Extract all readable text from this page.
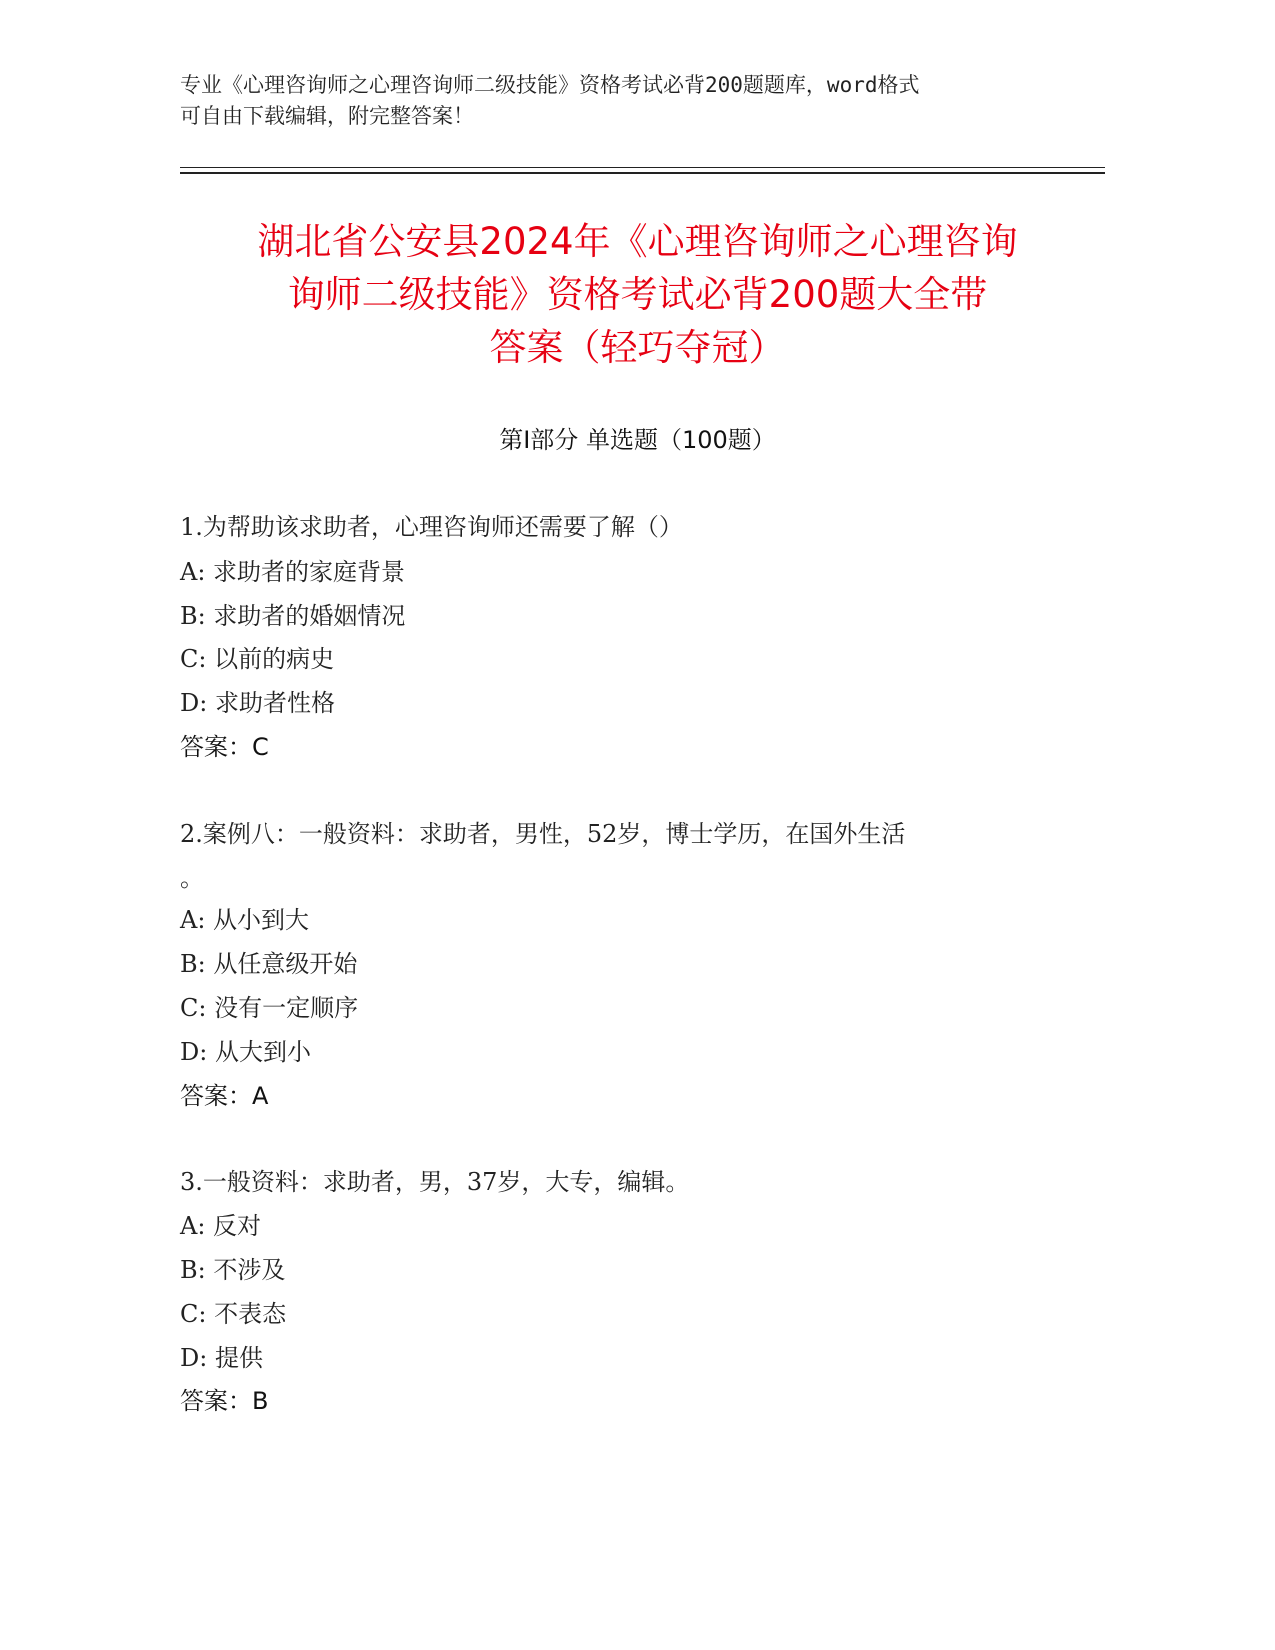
专业《心理咨询师之心理咨询师二级技能》资格考试必背200题题库，word格式
可自由下载编辑，附完整答案！
湖北省公安县2024年《心理咨询师之心理咨询
询师二级技能》资格考试必背200题大全带
答案（轻巧夺冠）
第Ⅰ部分 单选题（100题）
1.为帮助该求助者，心理咨询师还需要了解（）
A: 求助者的家庭背景
B: 求助者的婚姻情况
C: 以前的病史
D: 求助者性格
答案：C
2.案例八：一般资料：求助者，男性，52岁，博士学历，在国外生活
。
A: 从小到大
B: 从任意级开始
C: 没有一定顺序
D: 从大到小
答案：A
3.一般资料：求助者，男，37岁，大专，编辑。
A: 反对
B: 不涉及
C: 不表态
D: 提供
答案：B
